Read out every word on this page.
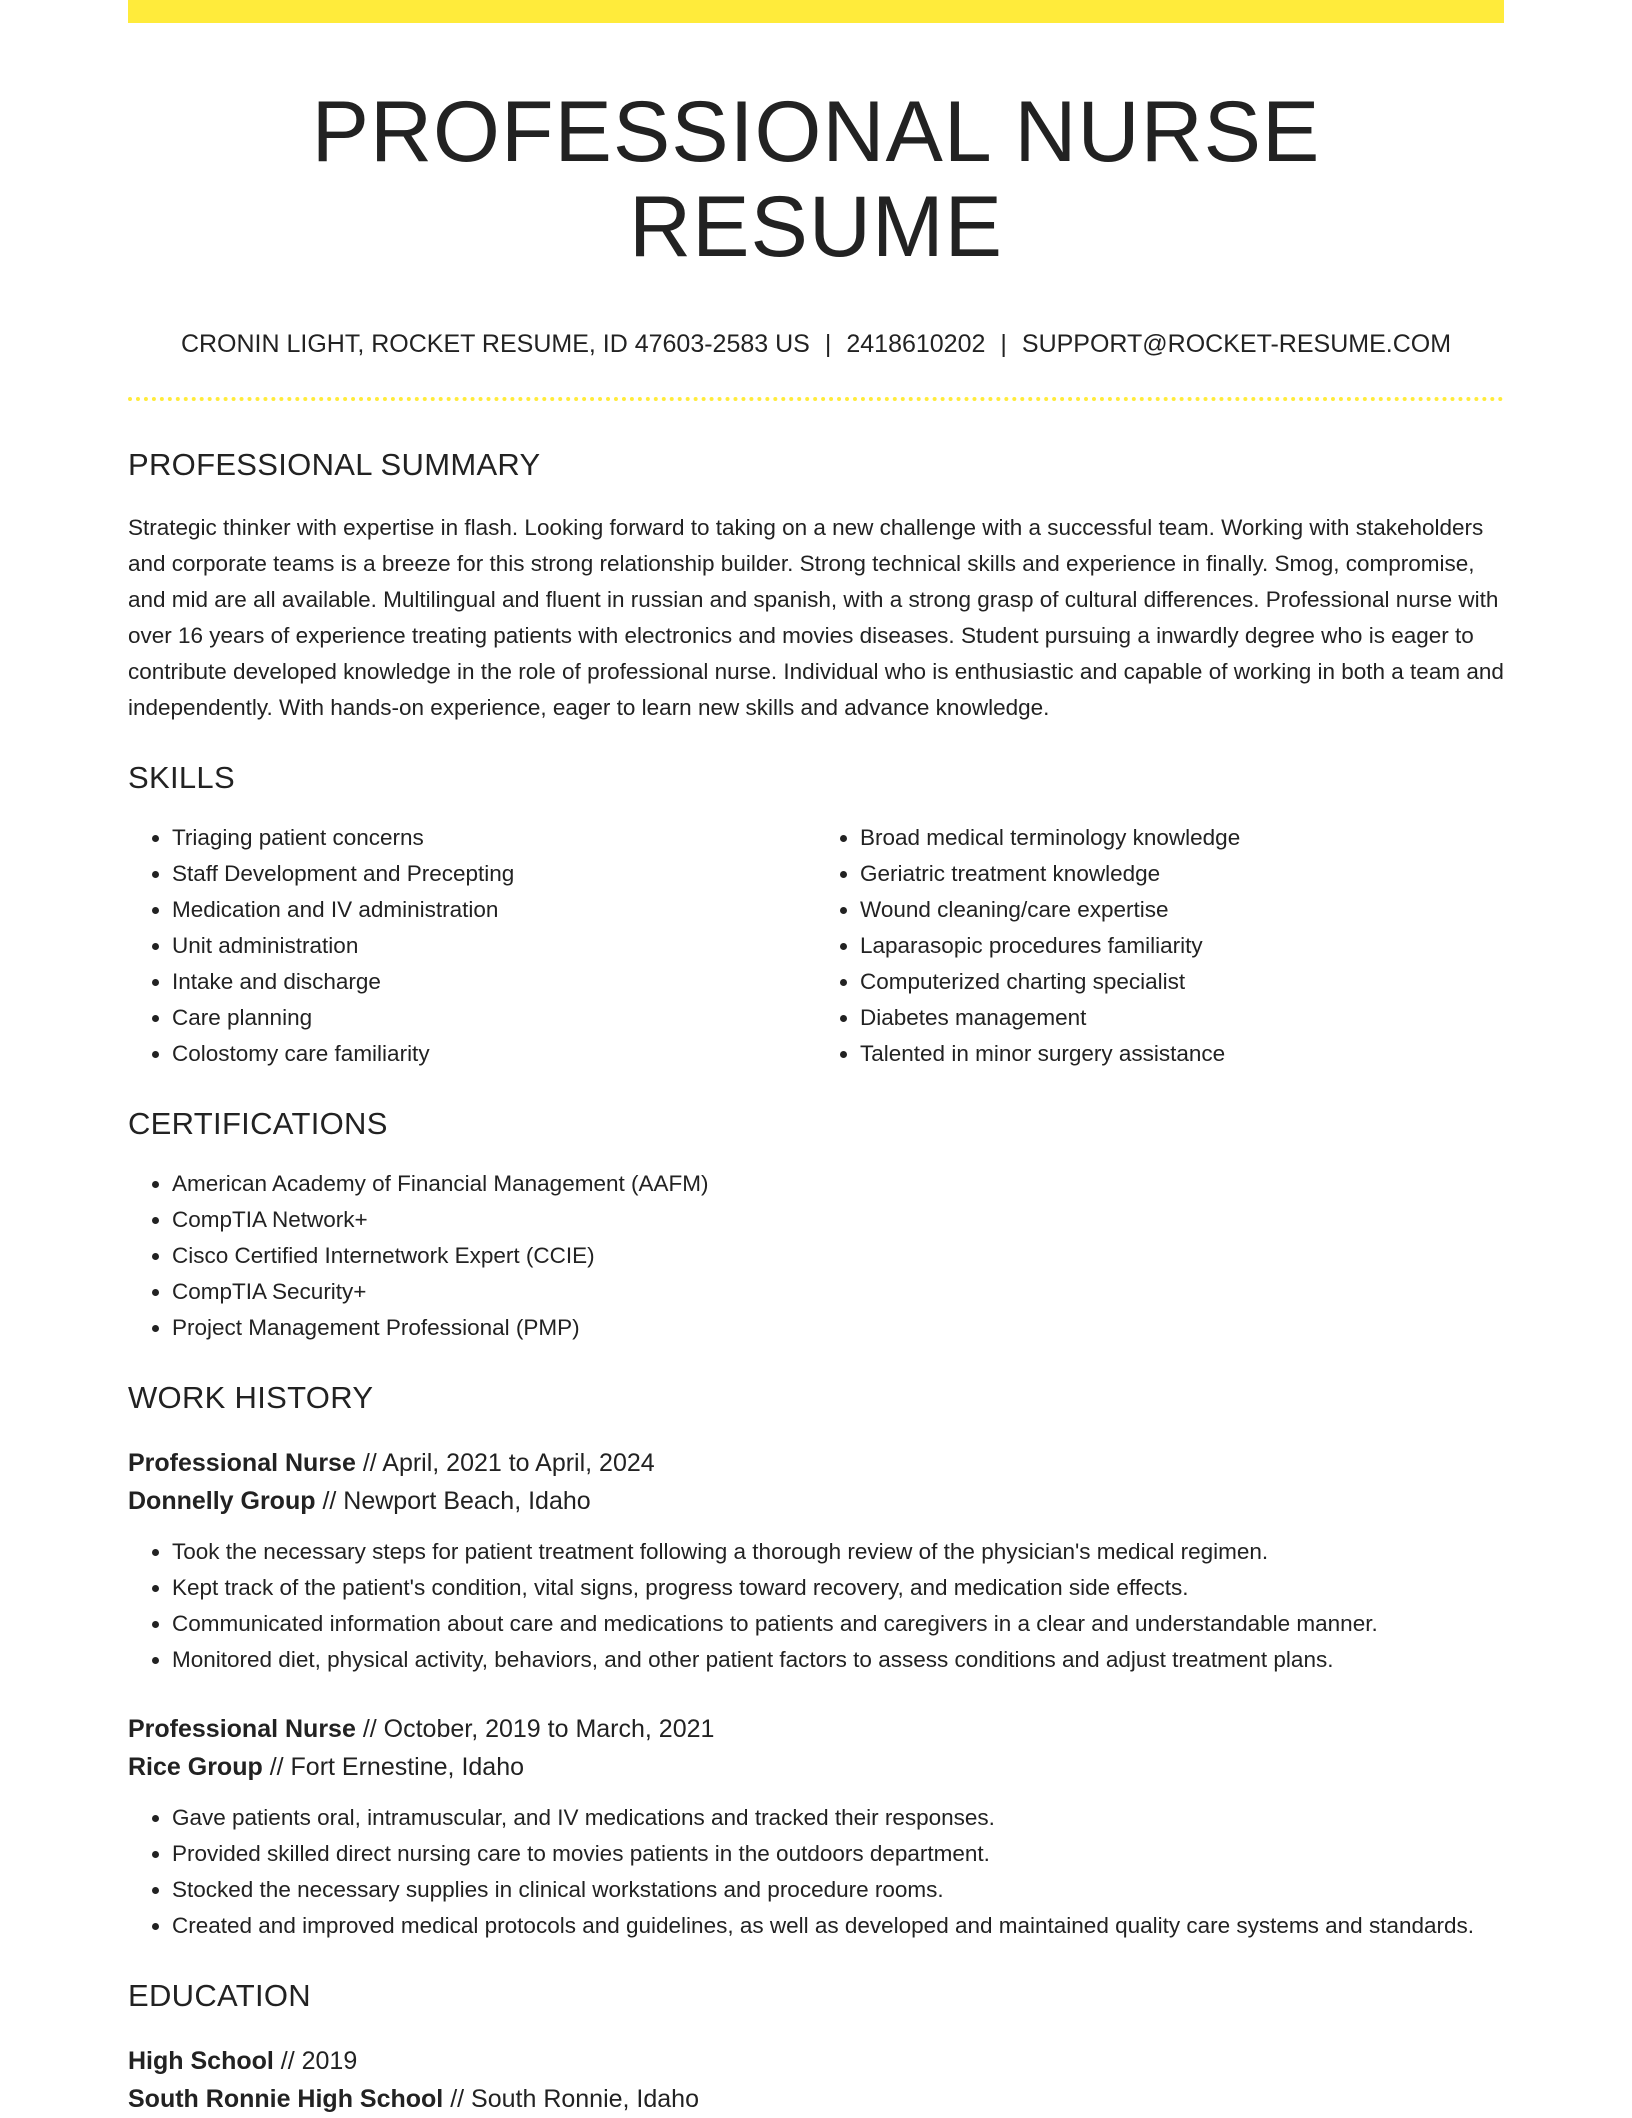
PROFESSIONAL NURSE RESUME
CRONIN LIGHT, ROCKET RESUME, ID 47603-2583 US | 2418610202 | SUPPORT@ROCKET-RESUME.COM
PROFESSIONAL SUMMARY

Strategic thinker with expertise in flash. Looking forward to taking on a new challenge with a successful team. Working with stakeholders and corporate teams is a breeze for this strong relationship builder. Strong technical skills and experience in finally. Smog, compromise, and mid are all available. Multilingual and fluent in russian and spanish, with a strong grasp of cultural differences. Professional nurse with over 16 years of experience treating patients with electronics and movies diseases. Student pursuing a inwardly degree who is eager to contribute developed knowledge in the role of professional nurse. Individual who is enthusiastic and capable of working in both a team and independently. With hands-on experience, eager to learn new skills and advance knowledge.

SKILLS
• Triaging patient concerns
• Staff Development and Precepting
• Medication and IV administration
• Unit administration
• Intake and discharge
• Care planning
• Colostomy care familiarity
• Broad medical terminology knowledge
• Geriatric treatment knowledge
• Wound cleaning/care expertise
• Laparasopic procedures familiarity
• Computerized charting specialist
• Diabetes management
• Talented in minor surgery assistance
CERTIFICATIONS
• American Academy of Financial Management (AAFM)
• CompTIA Network+
• Cisco Certified Internetwork Expert (CCIE)
• CompTIA Security+
• Project Management Professional (PMP)
WORK HISTORY
Professional Nurse // April, 2021 to April, 2024
Donnelly Group // Newport Beach, Idaho
• Took the necessary steps for patient treatment following a thorough review of the physician's medical regimen.
• Kept track of the patient's condition, vital signs, progress toward recovery, and medication side effects.
• Communicated information about care and medications to patients and caregivers in a clear and understandable manner.
• Monitored diet, physical activity, behaviors, and other patient factors to assess conditions and adjust treatment plans.
Professional Nurse // October, 2019 to March, 2021
Rice Group // Fort Ernestine, Idaho
• Gave patients oral, intramuscular, and IV medications and tracked their responses.
• Provided skilled direct nursing care to movies patients in the outdoors department.
• Stocked the necessary supplies in clinical workstations and procedure rooms.
• Created and improved medical protocols and guidelines, as well as developed and maintained quality care systems and standards.
EDUCATION
High School // 2019
South Ronnie High School // South Ronnie, Idaho
